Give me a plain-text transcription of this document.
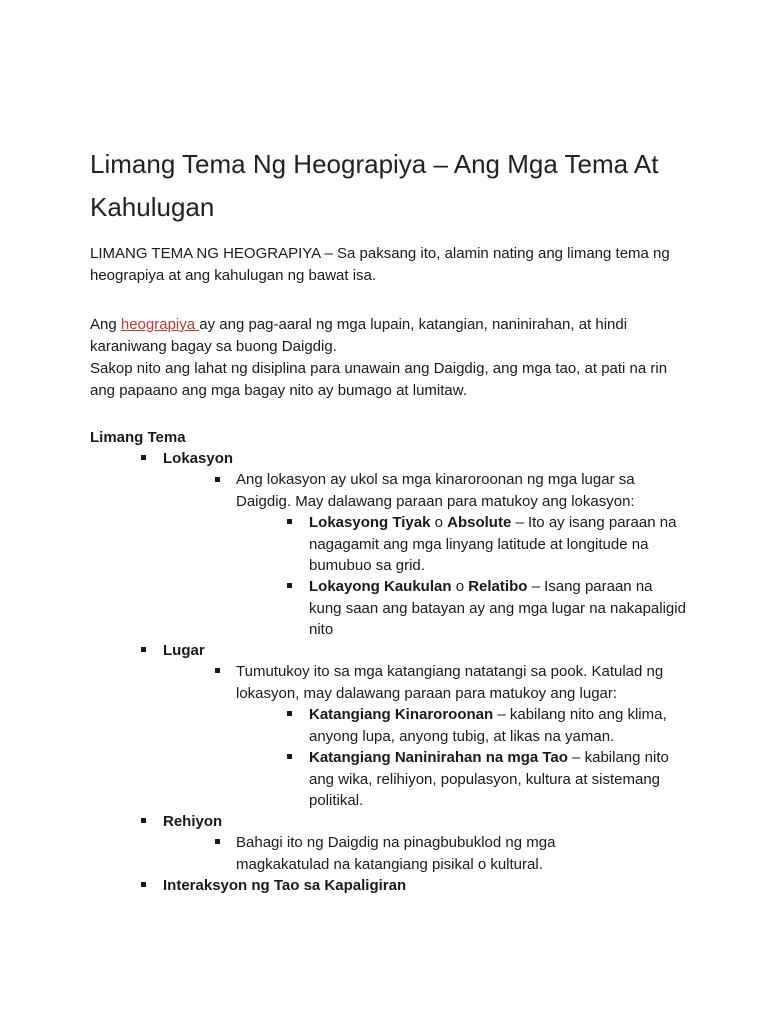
Limang Tema Ng Heograpiya – Ang Mga Tema At Kahulugan

LIMANG TEMA NG HEOGRAPIYA – Sa paksang ito, alamin nating ang limang tema ng heograpiya at ang kahulugan ng bawat isa.

Ang heograpiya ay ang pag-aaral ng mga lupain, katangian, naninirahan, at hindi karaniwang bagay sa buong Daigdig.

Sakop nito ang lahat ng disiplina para unawain ang Daigdig, ang mga tao, at pati na rin ang papaano ang mga bagay nito ay bumago at lumitaw.

Limang Tema

Lokasyon
Ang lokasyon ay ukol sa mga kinaroroonan ng mga lugar sa Daigdig. May dalawang paraan para matukoy ang lokasyon:
Lokasyong Tiyak o Absolute – Ito ay isang paraan na nagagamit ang mga linyang latitude at longitude na bumubuo sa grid.
Lokayong Kaukulan o Relatibo – Isang paraan na kung saan ang batayan ay ang mga lugar na nakapaligid nito
Lugar
Tumutukoy ito sa mga katangiang natatangi sa pook. Katulad ng lokasyon, may dalawang paraan para matukoy ang lugar:
Katangiang Kinaroroonan – kabilang nito ang klima, anyong lupa, anyong tubig, at likas na yaman.
Katangiang Naninirahan na mga Tao – kabilang nito ang wika, relihiyon, populasyon, kultura at sistemang politikal.
Rehiyon
Bahagi ito ng Daigdig na pinagbubuklod ng mga magkakatulad na katangiang pisikal o kultural.
Interaksyon ng Tao sa Kapaligiran
